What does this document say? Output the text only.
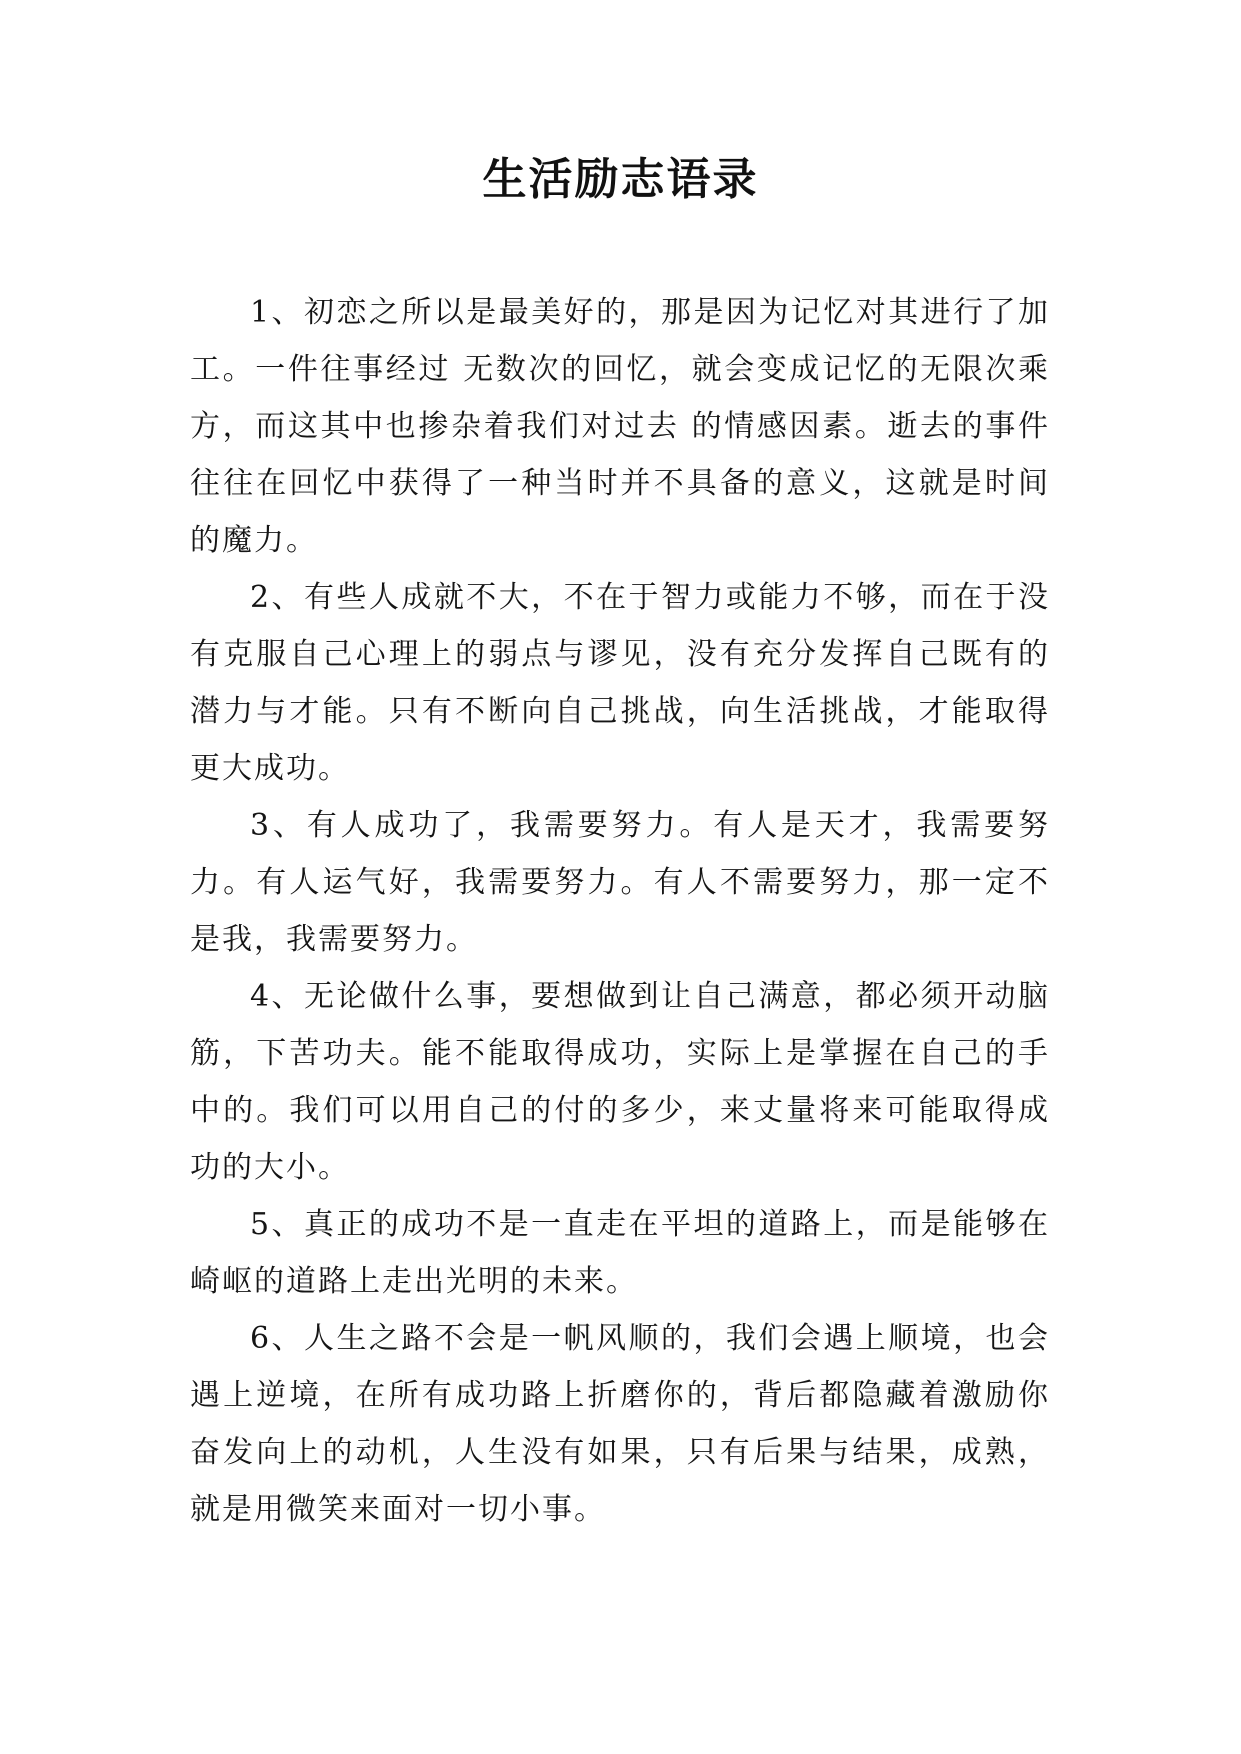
生活励志语录

1、初恋之所以是最美好的，那是因为记忆对其进行了加工。一件往事经过 无数次的回忆，就会变成记忆的无限次乘方，而这其中也掺杂着我们对过去 的情感因素。逝去的事件往往在回忆中获得了一种当时并不具备的意义，这就是时间的魔力。

2、有些人成就不大，不在于智力或能力不够，而在于没有克服自己心理上的弱点与谬见，没有充分发挥自己既有的潜力与才能。只有不断向自己挑战，向生活挑战，才能取得更大成功。

3、有人成功了，我需要努力。有人是天才，我需要努力。有人运气好，我需要努力。有人不需要努力，那一定不是我，我需要努力。

4、无论做什么事，要想做到让自己满意，都必须开动脑筋，下苦功夫。能不能取得成功，实际上是掌握在自己的手中的。我们可以用自己的付的多少，来丈量将来可能取得成功的大小。

5、真正的成功不是一直走在平坦的道路上，而是能够在崎岖的道路上走出光明的未来。

6、人生之路不会是一帆风顺的，我们会遇上顺境，也会遇上逆境，在所有成功路上折磨你的，背后都隐藏着激励你奋发向上的动机，人生没有如果，只有后果与结果，成熟，就是用微笑来面对一切小事。
